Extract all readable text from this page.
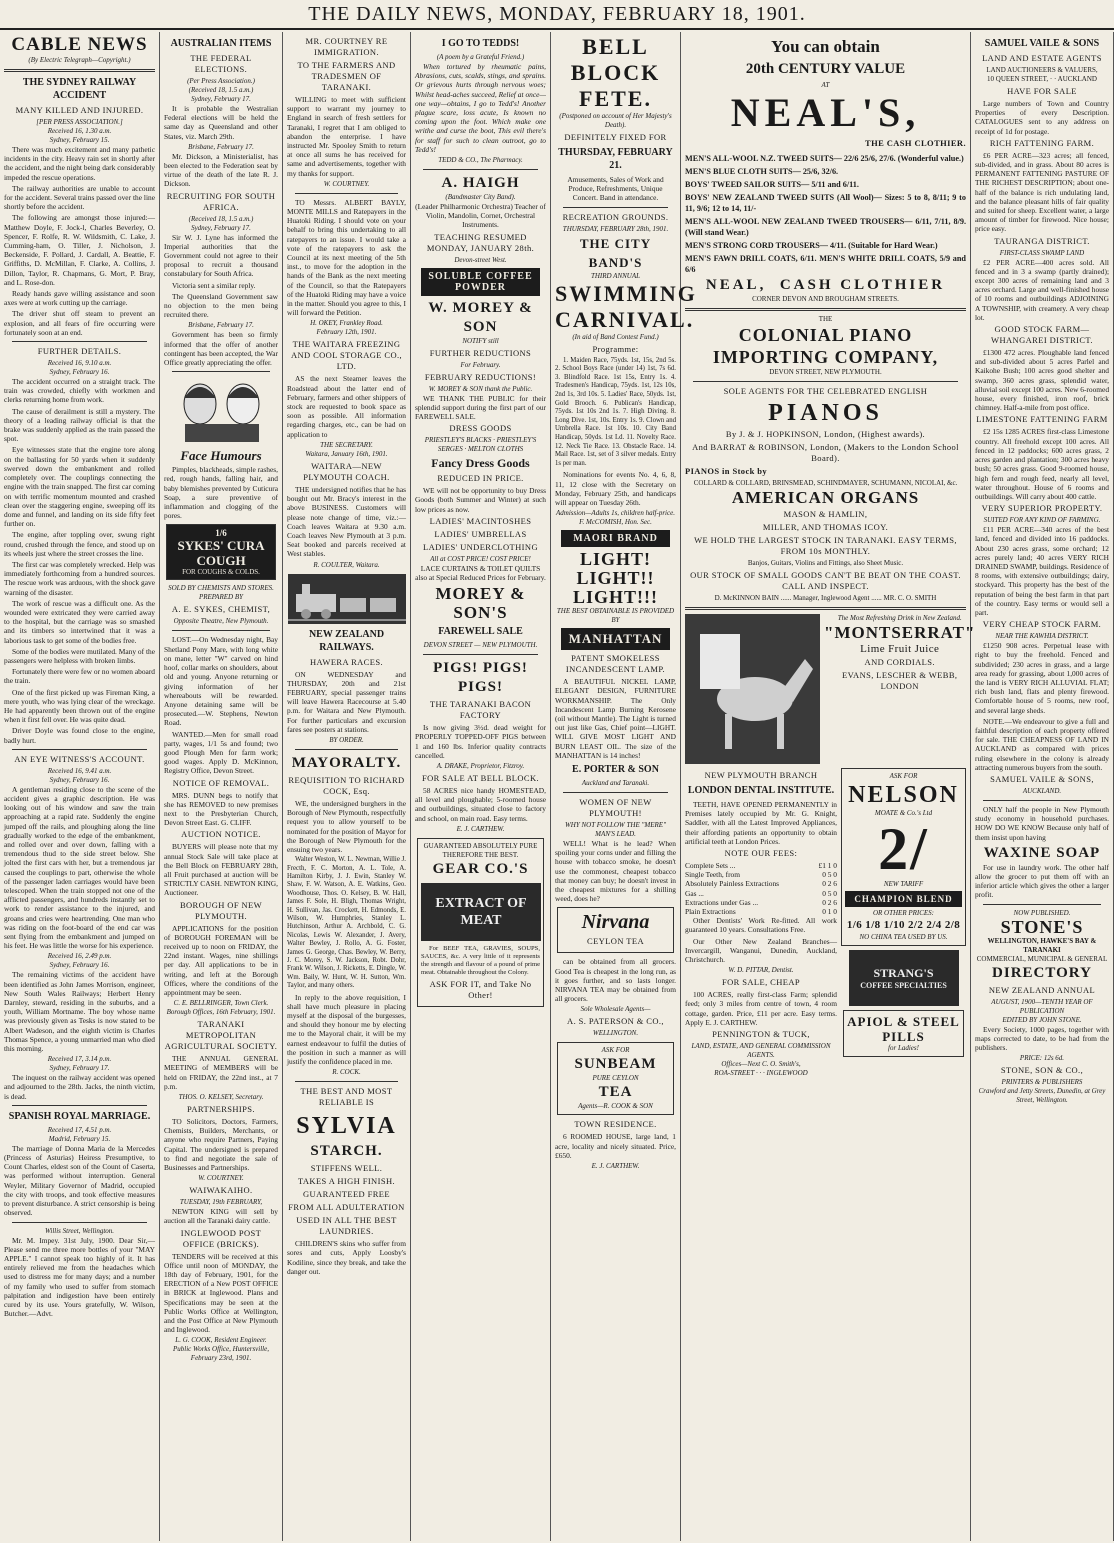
THE DAILY NEWS, MONDAY, FEBRUARY 18, 1901.
CABLE NEWS
(By Electric Telegraph—Copyright.)
THE SYDNEY RAILWAY ACCIDENT
MANY KILLED AND INJURED.
[PER PRESS ASSOCIATION.]
Received 16, 1.30 a.m.
Sydney, February 15.

There was much excitement and many pathetic incidents in the city. Heavy rain set in shortly after the accident, and the night being dark considerably impeded the rescue operations.

The railway authorities are unable to account for the accident. Several trains passed over the line shortly before the accident.

The following are amongst those injured:—Matthew Doyle, F. Jock-l, Charles Beverley, O. Spencer, F. Rolfe, R. W. Wildsmith, C. Lake, J. Cumming-ham, O. Tiller, J. Nicholson, J. Beckenside, F. Pollard, J. Cardall, A. Beattie, F. Griffiths, D. McMillan, F. Clarke, A. Collins, J. Dillon, Taylor, R. Chapmans, G. Mort, P. Bray, and L. Rose-don.

Ready hands gave willing assistance and soon axes were at work cutting up the carriage.

The driver shut off steam to prevent an explosion, and all fears of fire occurring were fortunately soon at an end.

FURTHER DETAILS.
Received 16, 9.10 a.m.
Sydney, February 16.

The accident occurred on a straight track. The train was crowded, chiefly with workmen and clerks returning home from work.

The cause of derailment is still a mystery. The theory of a leading railway official is that the brake was suddenly applied as the train passed the spot.

Eye witnesses state that the engine tore along on the ballasting for 50 yards when it suddenly swerved down the embankment and rolled completely over. The couplings connecting the engine with the train snapped. The first car coming on with terrific momentum mounted and crashed clean over the staggering engine, sweeping off its dome and funnel, and landing on its side fifty feet further on.

The engine, after toppling over, swung right round, crushed through the fence, and stood up on its wheels just where the street crosses the line.

The first car was completely wrecked. Help was immediately forthcoming from a hundred sources. The rescue work was arduous, with the shock gave warning of the disaster.

The work of rescue was a difficult one. As the wounded were extricated they were carried away to the hospital, but the carriage was so smashed and its timbers so intertwined that it was a laborious task to get some of the bodies free.

Some of the bodies were mutilated. Many of the passengers were helpless with broken limbs.

Fortunately there were few or no women aboard the train.

One of the first picked up was Fireman King, a mere youth, who was lying clear of the wreckage. He had apparently been thrown out of the engine when it first fell over. He was quite dead.

Driver Doyle was found close to the engine, badly hurt.

AN EYE WITNESS'S ACCOUNT.
Received 16, 9.41 a.m.
Sydney, February 16.

A gentleman residing close to the scene of the accident gives a graphic description. He was looking out of his window and saw the train approaching at a rapid rate. Suddenly the engine jumped off the rails, and ploughing along the line gradually worked to the edge of the embankment, and rolled over and over down, falling with a tremendous thud to the side street below. She jolted the first cars with her, but a tremendous jar caused the couplings to part, otherwise the whole of the passenger laden carriages would have been telescoped. When the train stopped not one of the afflicted passengers, and hundreds instantly set to work to render assistance to the injured, and groans and cries were heartrending. One man who was riding on the foot-board of the end car was sent flying from the embankment and jumped on his feet. He was little the worse for his experience.

Received 16, 2.49 p.m.
Sydney, February 16.

The remaining victims of the accident have been identified as John James Morrison, engineer, New South Wales Railways; Herbert Henry Darnley, steward, residing in the suburbs, and a youth, William Mortname. The boy whose name was previously given as Tesks is now stated to be Albert Wadeson, and the eighth victim is Charles Thomas Spence, a young unmarried man who died this morning.

Received 17, 3.14 p.m.
Sydney, February 17.

The inquest on the railway accident was opened and adjourned to the 28th. Jacks, the ninth victim, is dead.

SPANISH ROYAL MARRIAGE.
Received 17, 4.51 p.m.
Madrid, February 15.

The marriage of Donna Maria de la Mercedes (Princess of Asturias) Heiress Presumptive, to Count Charles, eldest son of the Count of Caserta, was performed without interruption. General Weyler, Military Governor of Madrid, occupied the city with troops, and took effective measures to prevent disturbance. A strict censorship is being observed.

Willis Street, Wellington.

Mr. M. Impey. 31st July, 1900. Dear Sir,—Please send me three more bottles of your "MAY APPLE." I cannot speak too highly of it. It has entirely relieved me from the headaches which used to distress me for many days; and a number of my family who used to suffer from stomach palpitation and indigestion have been entirely cured by its use. Yours gratefully, W. Wilson, Butcher.—Advt.

AUSTRALIAN ITEMS
THE FEDERAL ELECTIONS.
(Per Press Association.)
(Received 18, 1.5 a.m.)
Sydney, February 17.

It is probable the Westralian Federal elections will be held the same day as Queensland and other States, viz. March 29th.

Brisbane, February 17.

Mr. Dickson, a Ministerialist, has been elected to the Federation seat by virtue of the death of the late R. J. Dickson.

RECRUITING FOR SOUTH AFRICA.
(Received 18, 1.5 a.m.)
Sydney, February 17.

Sir W. J. Lyne has informed the Imperial authorities that the Government could not agree to their proposal to recruit a thousand constabulary for South Africa.

Victoria sent a similar reply.

The Queensland Government saw no objection to the men being recruited there.

Brisbane, February 17.

Government has been so firmly informed that the offer of another contingent has been accepted, the War Office greatly appreciating the offer.

Face Humours

Pimples, blackheads, simple rashes, red, rough hands, falling hair, and baby blemishes prevented by Cuticura Soap, a sure preventive of inflammation and clogging of the pores.

1/6
SYKES' CURA COUGH
FOR COUGHS & COLDS.
SOLD BY CHEMISTS AND STORES.
PREPARED BY
A. E. SYKES, CHEMIST,
Opposite Theatre, New Plymouth.

LOST.—On Wednesday night, Bay Shetland Pony Mare, with long white on mane, letter "W" carved on hind hoof, collar marks on shoulders, about old and young. Anyone returning or giving information of her whereabouts will be rewarded. Anyone detaining same will be prosecuted.—W. Stephens, Newton Road.

WANTED.—Men for small road party, wages, 1/1 5s and found; two good Plough Men for farm work; good wages. Apply D. McKinnon, Registry Office, Devon Street.

NOTICE OF REMOVAL.

MRS. DUNN begs to notify that she has REMOVED to new premises next to the Presbyterian Church, Devon Street East. G. CLIFF.

AUCTION NOTICE.

BUYERS will please note that my annual Stock Sale will take place at the Bell Block on FEBRUARY 28th, all Fruit purchased at auction will be STRICTLY CASH. NEWTON KING, Auctioneer.

BOROUGH OF NEW PLYMOUTH.

APPLICATIONS for the position of BOROUGH FOREMAN will be received up to noon on FRIDAY, the 22nd instant. Wages, nine shillings per day. All applications to be in writing, and left at the Borough Offices, where the conditions of the appointment may be seen.

C. E. BELLRINGER, Town Clerk.
Borough Offices, 16th February, 1901.
TARANAKI METROPOLITAN AGRICULTURAL SOCIETY.

THE ANNUAL GENERAL MEETING of MEMBERS will be held on FRIDAY, the 22nd inst., at 7 p.m.

THOS. O. KELSEY, Secretary.
PARTNERSHIPS.

TO Solicitors, Doctors, Farmers, Chemists, Builders, Merchants, or anyone who require Partners, Paying Capital. The undersigned is prepared to find and negotiate the sale of Businesses and Partnerships.

W. COURTNEY.
WAIWAKAIHO.
TUESDAY, 19th FEBRUARY,

NEWTON KING will sell by auction all the Taranaki dairy cattle.

INGLEWOOD POST OFFICE (BRICKS).

TENDERS will be received at this Office until noon of MONDAY, the 18th day of February, 1901, for the ERECTION of a New POST OFFICE in BRICK at Inglewood. Plans and Specifications may be seen at the Public Works Office at Wellington, and the Post Office at New Plymouth and Inglewood.

L. G. COOK, Resident Engineer.
Public Works Office, Huntersville, February 23rd, 1901.
MR. COURTNEY RE IMMIGRATION.
TO THE FARMERS AND TRADESMEN OF TARANAKI.

WILLING to meet with sufficient support to warrant my journey to England in search of fresh settlers for Taranaki, I regret that I am obliged to abandon the enterprise. I have instructed Mr. Spooley Smith to return at once all sums he has received for same and advertisements, together with my thanks for support.

W. COURTNEY.

TO Messrs. ALBERT BAYLY, MONTE MILLS and Ratepayers in the Huatoki Riding. I should vote on your behalf to bring this undertaking to all ratepayers to an issue. I would take a vote of the ratepayers to ask the Council at its next meeting of the 5th inst., to move for the adoption in the hands of the Bank as the next meeting of the Council, so that the Ratepayers of the Huatoki Riding may have a voice in the matter. Should you agree to this, I will forward the Petition.

H. OKEY, Frankley Road.
February 12th, 1901.
THE WAITARA FREEZING AND COOL STORAGE CO., LTD.

AS the next Steamer leaves the Roadstead about the latter end of February, farmers and other shippers of stock are requested to book space as soon as possible. All information regarding charges, etc., can be had on application to

THE SECRETARY.
Waitara, January 16th, 1901.
WAITARA—NEW PLYMOUTH COACH.

THE undersigned notifies that he has bought out Mr. Bracy's interest in the above BUSINESS. Customers will please note change of time, viz.:—Coach leaves Waitara at 9.30 a.m. Coach leaves New Plymouth at 3 p.m. Seat booked and parcels received at West stables.

R. COULTER, Waitara.
NEW ZEALAND RAILWAYS.
HAWERA RACES.

ON WEDNESDAY and THURSDAY, 20th and 21st FEBRUARY, special passenger trains will leave Hawera Racecourse at 5.40 p.m. for Waitara and New Plymouth. For further particulars and excursion fares see posters at stations.

BY ORDER.
MAYORALTY.
REQUISITION TO RICHARD COCK, Esq.

WE, the undersigned burghers in the Borough of New Plymouth, respectfully request you to allow yourself to be nominated for the position of Mayor for the Borough of New Plymouth for the ensuing two years.

Walter Weston, W. L. Newman, Willie J. Frecth, F. C. Morton, A. L. Tole, A. Hamilton Kirby, J. J. Ewin, Stanley W. Shaw, F. W. Watson, A. E. Watkins, Geo. Woodhouse, Thos. O. Kelsey, B. W. Hall, James F. Sole, H. Bligh, Thomas Wright, H. Sullivan, Jas. Crockett, H. Edmonds, E. Wilson, W. Humphries, Stanley L. Hutchinson, Arthur A. Archbold, C. G. Nicolas, Lewis W. Alexander, J. Avery, Walter Bewley, J. Rollo, A. G. Foster, James G. George, Chas. Bewley, W. Berry, J. C. Morey, S. W. Jackson, Robt. Dohr, Frank W. Wilson, J. Ricketts, E. Dingle, W. Wm. Baily, W. Hunt, W. H. Sutton, Wm. Taylor, and many others.

In reply to the above requisition, I shall have much pleasure in placing myself at the disposal of the burgesses, and should they honour me by electing me to the Mayoral chair, it will be my earnest endeavour to fulfil the duties of the position in such a manner as will justify the confidence placed in me.

R. COCK.
THE BEST AND MOST RELIABLE IS
SYLVIA
STARCH.
STIFFENS WELL.
TAKES A HIGH FINISH.
GUARANTEED FREE
FROM ALL ADULTERATION
USED IN ALL THE BEST LAUNDRIES.

CHILDREN'S skins who suffer from sores and cuts, Apply Loosby's Kodiline, since they break, and take the danger out.

I GO TO TEDDS!
(A poem by a Grateful Friend.)

When tortured by rheumatic pains, Abrasions, cuts, scalds, stings, and sprains. Or grievous hurts through nervous woes; Whilst head-aches succeed, Relief at once—one way—obtains, I go to Tedd's! Another plague scare, loss acute, Is known no coming upon the foot. Which make one writhe and curse the boot, This evil there's for staff for such to clean outroot, go to Tedd's!

TEDD & CO., The Pharmacy.
A. HAIGH
(Bandmaster City Band).

(Leader Philharmonic Orchestra) Teacher of Violin, Mandolin, Cornet, Orchestral Instruments.

TEACHING RESUMED MONDAY, JANUARY 28th.
Devon-street West.
SOLUBLE COFFEE POWDER
W. MOREY & SON
NOTIFY still
FURTHER REDUCTIONS
For February.
FEBRUARY REDUCTIONS!
W. MOREY & SON thank the Public.

WE THANK THE PUBLIC for their splendid support during the first part of our FAREWELL SALE.

DRESS GOODS
PRIESTLEY'S BLACKS · PRIESTLEY'S SERGES · MELTON CLOTHS
Fancy Dress Goods
REDUCED IN PRICE.

WE will not be opportunity to buy Dress Goods (both Summer and Winter) at such low prices as now.

LADIES' MACINTOSHES
LADIES' UMBRELLAS
LADIES' UNDERCLOTHING
All at COST PRICE! COST PRICE!

LACE CURTAINS & TOILET QUILTS also at Special Reduced Prices for February.

MOREY & SON'S
FAREWELL SALE
DEVON STREET — NEW PLYMOUTH.
PIGS! PIGS! PIGS!
THE TARANAKI BACON FACTORY

Is now giving 3½d. dead weight for PROPERLY TOPPED-OFF PIGS between 1 and 160 lbs. Inferior quality contracts cancelled.

A. DRAKE, Proprietor, Fitzroy.
FOR SALE AT BELL BLOCK.

58 ACRES nice handy HOMESTEAD, all level and ploughable; 5-roomed house and outbuildings, situated close to factory and school, on main road. Easy terms.

E. J. CARTHEW.
GUARANTEED ABSOLUTELY PURE THEREFORE THE BEST.
GEAR CO.'S
EXTRACT OF MEAT

For BEEF TEA, GRAVIES, SOUPS, SAUCES, &c. A very little of it represents the strength and flavour of a pound of prime meat. Obtainable throughout the Colony.

ASK FOR IT, and Take No Other!
BELL BLOCK
FETE.
(Postponed on account of Her Majesty's Death).
DEFINITELY FIXED FOR
THURSDAY, FEBRUARY 21.

Amusements, Sales of Work and Produce, Refreshments, Unique Concert. Band in attendance.

RECREATION GROUNDS.
THURSDAY, FEBRUARY 28th, 1901.
THE CITY BAND'S
THIRD ANNUAL
SWIMMING
CARNIVAL.
(In aid of Band Contest Fund.)
Programme:

1. Maiden Race, 75yds. 1st, 15s, 2nd 5s. 2. School Boys Race (under 14) 1st, 7s 6d. 3. Blindfold Race. 1st 15s, Entry 1s. 4. Tradesmen's Handicap, 75yds. 1st, 12s 10s, 2nd 1s, 3rd 10s. 5. Ladies' Race, 50yds. 1st, Gold Brooch. 6. Publican's Handicap, 75yds. 1st 10s 2nd 1s. 7. High Diving. 8. Long Dive. 1st, 10s. Entry 1s. 9. Clown and Umbrella Race. 1st 10s. 10. City Band Handicap, 50yds. 1st Ld. 11. Novelty Race. 12. Neck Tie Race. 13. Obstacle Race. 14. Mail Race. 1st, set of 3 silver medals. Entry 1s per man.

Nominations for events No. 4, 6, 8, 11, 12 close with the Secretary on Monday, February 25th, and handicaps will appear on Tuesday 26th.

Admission—Adults 1s, children half-price.
F. McCOMISH, Hon. Sec.
MAORI BRAND
LIGHT!
LIGHT!!
LIGHT!!!
THE BEST OBTAINABLE IS PROVIDED BY
MANHATTAN
PATENT SMOKELESS INCANDESCENT LAMP.

A BEAUTIFUL NICKEL LAMP, ELEGANT DESIGN, FURNITURE WORKMANSHIP. The Only Incandescent Lamp Burning Kerosene (oil without Mantle). The Light is turned out just like Gas, Chief point—LIGHT. WILL GIVE MOST LIGHT AND BURN LEAST OIL. The size of the MANHATTAN is 14 inches!

E. PORTER & SON
Auckland and Taranaki.
WOMEN OF NEW PLYMOUTH!
WHY NOT FOLLOW THE "MERE" MAN'S LEAD.

WELL! What is he lead? When spoiling your corns under and filling the house with tobacco smoke, he doesn't use the commonest, cheapest tobacco that money can buy; he doesn't invest in the cheapest mixtures for a shilling weed, does he?

Nirvana
CEYLON TEA

can be obtained from all grocers. Good Tea is cheapest in the long run, as it goes further, and so lasts longer. NIRVANA TEA may be obtained from all grocers.

Sole Wholesale Agents—
A. S. PATERSON & CO.,
WELLINGTON.
ASK FOR
SUNBEAM
PURE CEYLON
TEA
Agents—R. COOK & SON
TOWN RESIDENCE.

6 ROOMED HOUSE, large land, 1 acre, locality and nicely situated. Price, £650.

E. J. CARTHEW.
You can obtain
20th CENTURY VALUE
AT
NEAL'S,
THE CASH CLOTHIER.
MEN'S ALL-WOOL N.Z. TWEED SUITS— 22/6 25/6, 27/6. (Wonderful value.)
MEN'S BLUE CLOTH SUITS— 25/6, 32/6.
BOYS' TWEED SAILOR SUITS— 5/11 and 6/11.
BOYS' NEW ZEALAND TWEED SUITS (All Wool)— Sizes: 5 to 8, 8/11; 9 to 11, 9/6; 12 to 14, 11/-
MEN'S ALL-WOOL NEW ZEALAND TWEED TROUSERS— 6/11, 7/11, 8/9. (Will stand Wear.)
MEN'S STRONG CORD TROUSERS— 4/11. (Suitable for Hard Wear.)
MEN'S FAWN DRILL COATS, 6/11. MEN'S WHITE DRILL COATS, 5/9 and 6/6
NEAL,  CASH CLOTHIER
CORNER DEVON AND BROUGHAM STREETS.
THE
COLONIAL PIANO IMPORTING COMPANY,
DEVON STREET, NEW PLYMOUTH.
SOLE AGENTS FOR THE CELEBRATED ENGLISH
PIANOS
By J. & J. HOPKINSON, London, (Highest awards).
And BARRAT & ROBINSON, London, (Makers to the London School Board).
PIANOS in Stock by
COLLARD & COLLARD, BRINSMEAD, SCHINDMAYER, SCHUMANN, NICOLAI, &c.
AMERICAN ORGANS
MASON & HAMLIN,
MILLER, AND THOMAS ICOY.
WE HOLD THE LARGEST STOCK IN TARANAKI. EASY TERMS, FROM 10s MONTHLY.
Banjos, Guitars, Violins and Fittings, also Sheet Music.
OUR STOCK OF SMALL GOODS CAN'T BE BEAT ON THE COAST. CALL AND INSPECT.
D. McKINNON BAIN ...... Manager, Inglewood Agent ...... MR. C. O. SMITH
The Most Refreshing Drink in New Zealand.
"MONTSERRAT"
Lime Fruit Juice
AND CORDIALS.
EVANS, LESCHER & WEBB, LONDON
NEW PLYMOUTH BRANCH
LONDON DENTAL INSTITUTE.

TEETH, HAVE OPENED PERMANENTLY in Premises lately occupied by Mr. G. Knight, Saddler, with all the Latest Improved Appliances, their affording patients an opportunity to obtain artificial teeth at London Prices.

NOTE OUR FEES:
Complete Sets ...	£1 1 0
Single Teeth, from	0 5 0
Absolutely Painless Extractions	0 2 6
Gas ...	0 5 0
Extractions under Gas ...	0 2 6
Plain Extractions	0 1 0

Other Dentists' Work Re-fitted. All work guaranteed 10 years. Consultations Free.

Our Other New Zealand Branches—Invercargill, Wanganui, Dunedin, Auckland, Christchurch.

W. D. PITTAR, Dentist.
FOR SALE, CHEAP

100 ACRES, really first-class Farm; splendid feed; only 3 miles from centre of town, 4 room cottage, garden. Price, £11 per acre. Easy terms. Apply E. J. CARTHEW.

PENNINGTON & TUCK,
LAND, ESTATE, AND GENERAL COMMISSION AGENTS.
Offices—Next C. O. Smith's,
ROA-STREET · · · INGLEWOOD
ASK FOR
NELSON
MOATE & Co.'s Ltd
2/
NEW TARIFF
CHAMPION BLEND
OR OTHER PRICES:
1/6 1/8 1/10 2/2 2/4 2/8
NO CHINA TEA USED BY US.
STRANG'S
COFFEE SPECIALTIES
APIOL & STEEL PILLS
for Ladies!
SAMUEL VAILE & SONS
LAND AND ESTATE AGENTS
LAND AUCTIONEERS & VALUERS,
10 QUEEN STREET, · · AUCKLAND
HAVE FOR SALE

Large numbers of Town and Country Properties of every Description. CATALOGUES sent to any address on receipt of 1d for postage.

RICH FATTENING FARM.

£6 PER ACRE—323 acres; all fenced, sub-divided, and in grass. About 80 acres is PERMANENT FATTENING PASTURE OF THE RICHEST DESCRIPTION; about one-half of the balance is rich undulating land, and the balance pleasant hills of fair quality and suited for sheep. Excellent water, a large amount of timber for firewood. Nice house; price easy.

TAURANGA DISTRICT.
FIRST-CLASS SWAMP LAND

£2 PER ACRE—400 acres sold. All fenced and in 3 a swamp (partly drained); except 300 acres of remaining land and 3 acres orchard. Large and well-finished house of 10 rooms and outbuildings ADJOINING A TOWNSHIP, with creamery. A very cheap lot.

GOOD STOCK FARM—WHANGAREI DISTRICT.

£1300 472 acres. Ploughable land fenced and sub-divided about 5 acres Parlel and Kaikohe Bush; 100 acres good shelter and swamp, 360 acres grass, splendid water, alluvial soil except 100 acres. New 6-roomed house, every finished, iron roof, brick chimney. Half-a-mile from post office.

LIMESTONE FATTENING FARM

£2 15s 1285 ACRES first-class Limestone country. All freehold except 100 acres. All fenced in 12 paddocks; 600 acres grass, 2 acres garden and plantation; 300 acres heavy bush; 50 acres grass. Good 9-roomed house, high fern and rough feed, nearly all level, water throughout. House of 6 rooms and outbuildings. Will carry about 400 cattle.

VERY SUPERIOR PROPERTY.
SUITED FOR ANY KIND OF FARMING.

£11 PER ACRE—340 acres of the best land, fenced and divided into 16 paddocks. About 230 acres grass, some orchard; 12 acres purely land; 40 acres VERY RICH DRAINED SWAMP, buildings. Residence of 8 rooms, with extensive outbuildings; dairy, stockyard. This property has the best of the reputation of being the best farm in that part of the country. Easy terms or would sell a part.

VERY CHEAP STOCK FARM.
NEAR THE KAWHIA DISTRICT.

£1250 908 acres. Perpetual lease with right to buy the freehold. Fenced and subdivided; 230 acres in grass, and a large area ready for grassing, about 1,000 acres of the land is VERY RICH ALLUVIAL FLAT; rich bush land, flats and plenty firewood. Comfortable house of 5 rooms, new roof, and several large sheds.

NOTE.—We endeavour to give a full and faithful description of each property offered for sale. THE CHEAPNESS OF LAND IN AUCKLAND as compared with prices ruling elsewhere in the colony is already attracting numerous buyers from the south.

SAMUEL VAILE & SONS,
AUCKLAND.

ONLY half the people in New Plymouth study economy in household purchases. HOW DO WE KNOW Because only half of them insist upon having

WAXINE SOAP

For use in laundry work. The other half allow the grocer to put them off with an inferior article which gives the other a larger profit.

NOW PUBLISHED.
STONE'S
WELLINGTON, HAWKE'S BAY & TARANAKI
COMMERCIAL, MUNICIPAL & GENERAL
DIRECTORY
NEW ZEALAND ANNUAL
AUGUST, 1900—TENTH YEAR OF PUBLICATION
EDITED BY JOHN STONE.

Every Society, 1000 pages, together with maps corrected to date, to be had from the publishers.

PRICE: 12s 6d.
STONE, SON & CO.,
PRINTERS & PUBLISHERS
Crawford and Jetty Streets, Dunedin, at Grey Street, Wellington.
